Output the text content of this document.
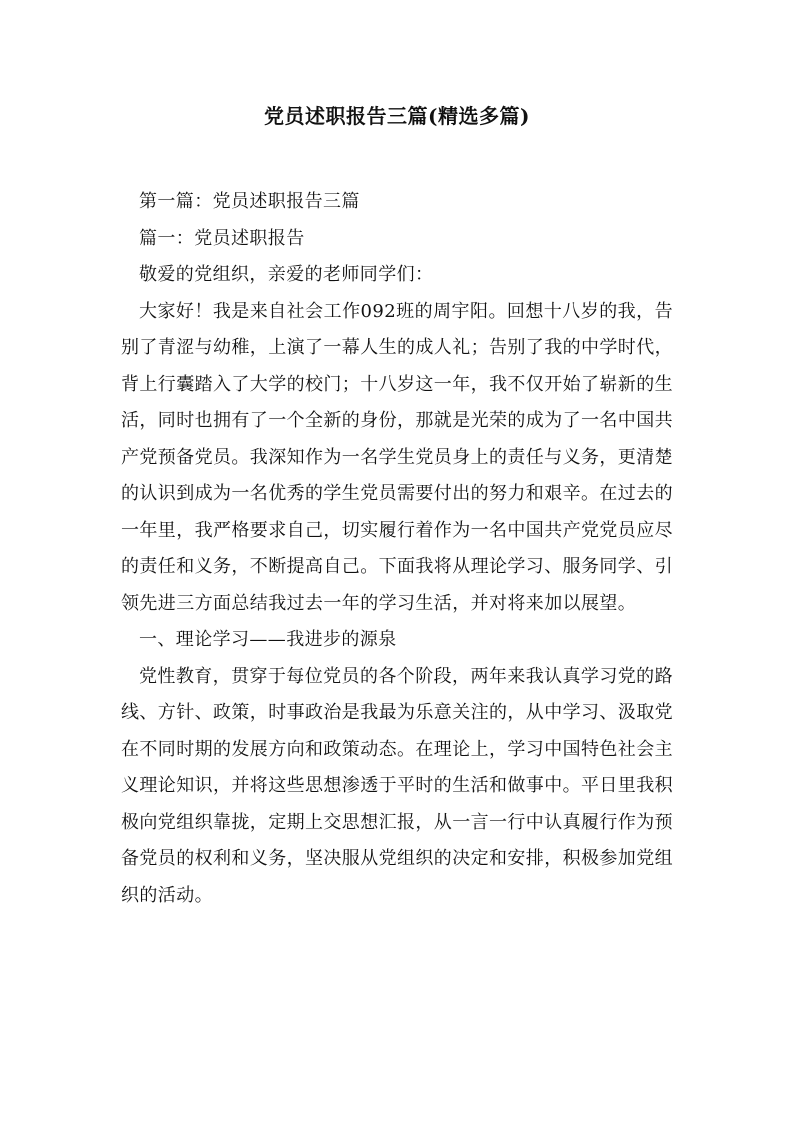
党员述职报告三篇(精选多篇)

第一篇：党员述职报告三篇

篇一：党员述职报告

敬爱的党组织，亲爱的老师同学们：

大家好！我是来自社会工作092班的周宇阳。回想十八岁的我，告别了青涩与幼稚，上演了一幕人生的成人礼；告别了我的中学时代，背上行囊踏入了大学的校门；十八岁这一年，我不仅开始了崭新的生活，同时也拥有了一个全新的身份，那就是光荣的成为了一名中国共产党预备党员。我深知作为一名学生党员身上的责任与义务，更清楚的认识到成为一名优秀的学生党员需要付出的努力和艰辛。在过去的一年里，我严格要求自己，切实履行着作为一名中国共产党党员应尽的责任和义务，不断提高自己。下面我将从理论学习、服务同学、引领先进三方面总结我过去一年的学习生活，并对将来加以展望。

一、理论学习——我进步的源泉

党性教育，贯穿于每位党员的各个阶段，两年来我认真学习党的路线、方针、政策，时事政治是我最为乐意关注的，从中学习、汲取党在不同时期的发展方向和政策动态。在理论上，学习中国特色社会主义理论知识，并将这些思想渗透于平时的生活和做事中。平日里我积极向党组织靠拢，定期上交思想汇报，从一言一行中认真履行作为预备党员的权利和义务，坚决服从党组织的决定和安排，积极参加党组织的活动。
